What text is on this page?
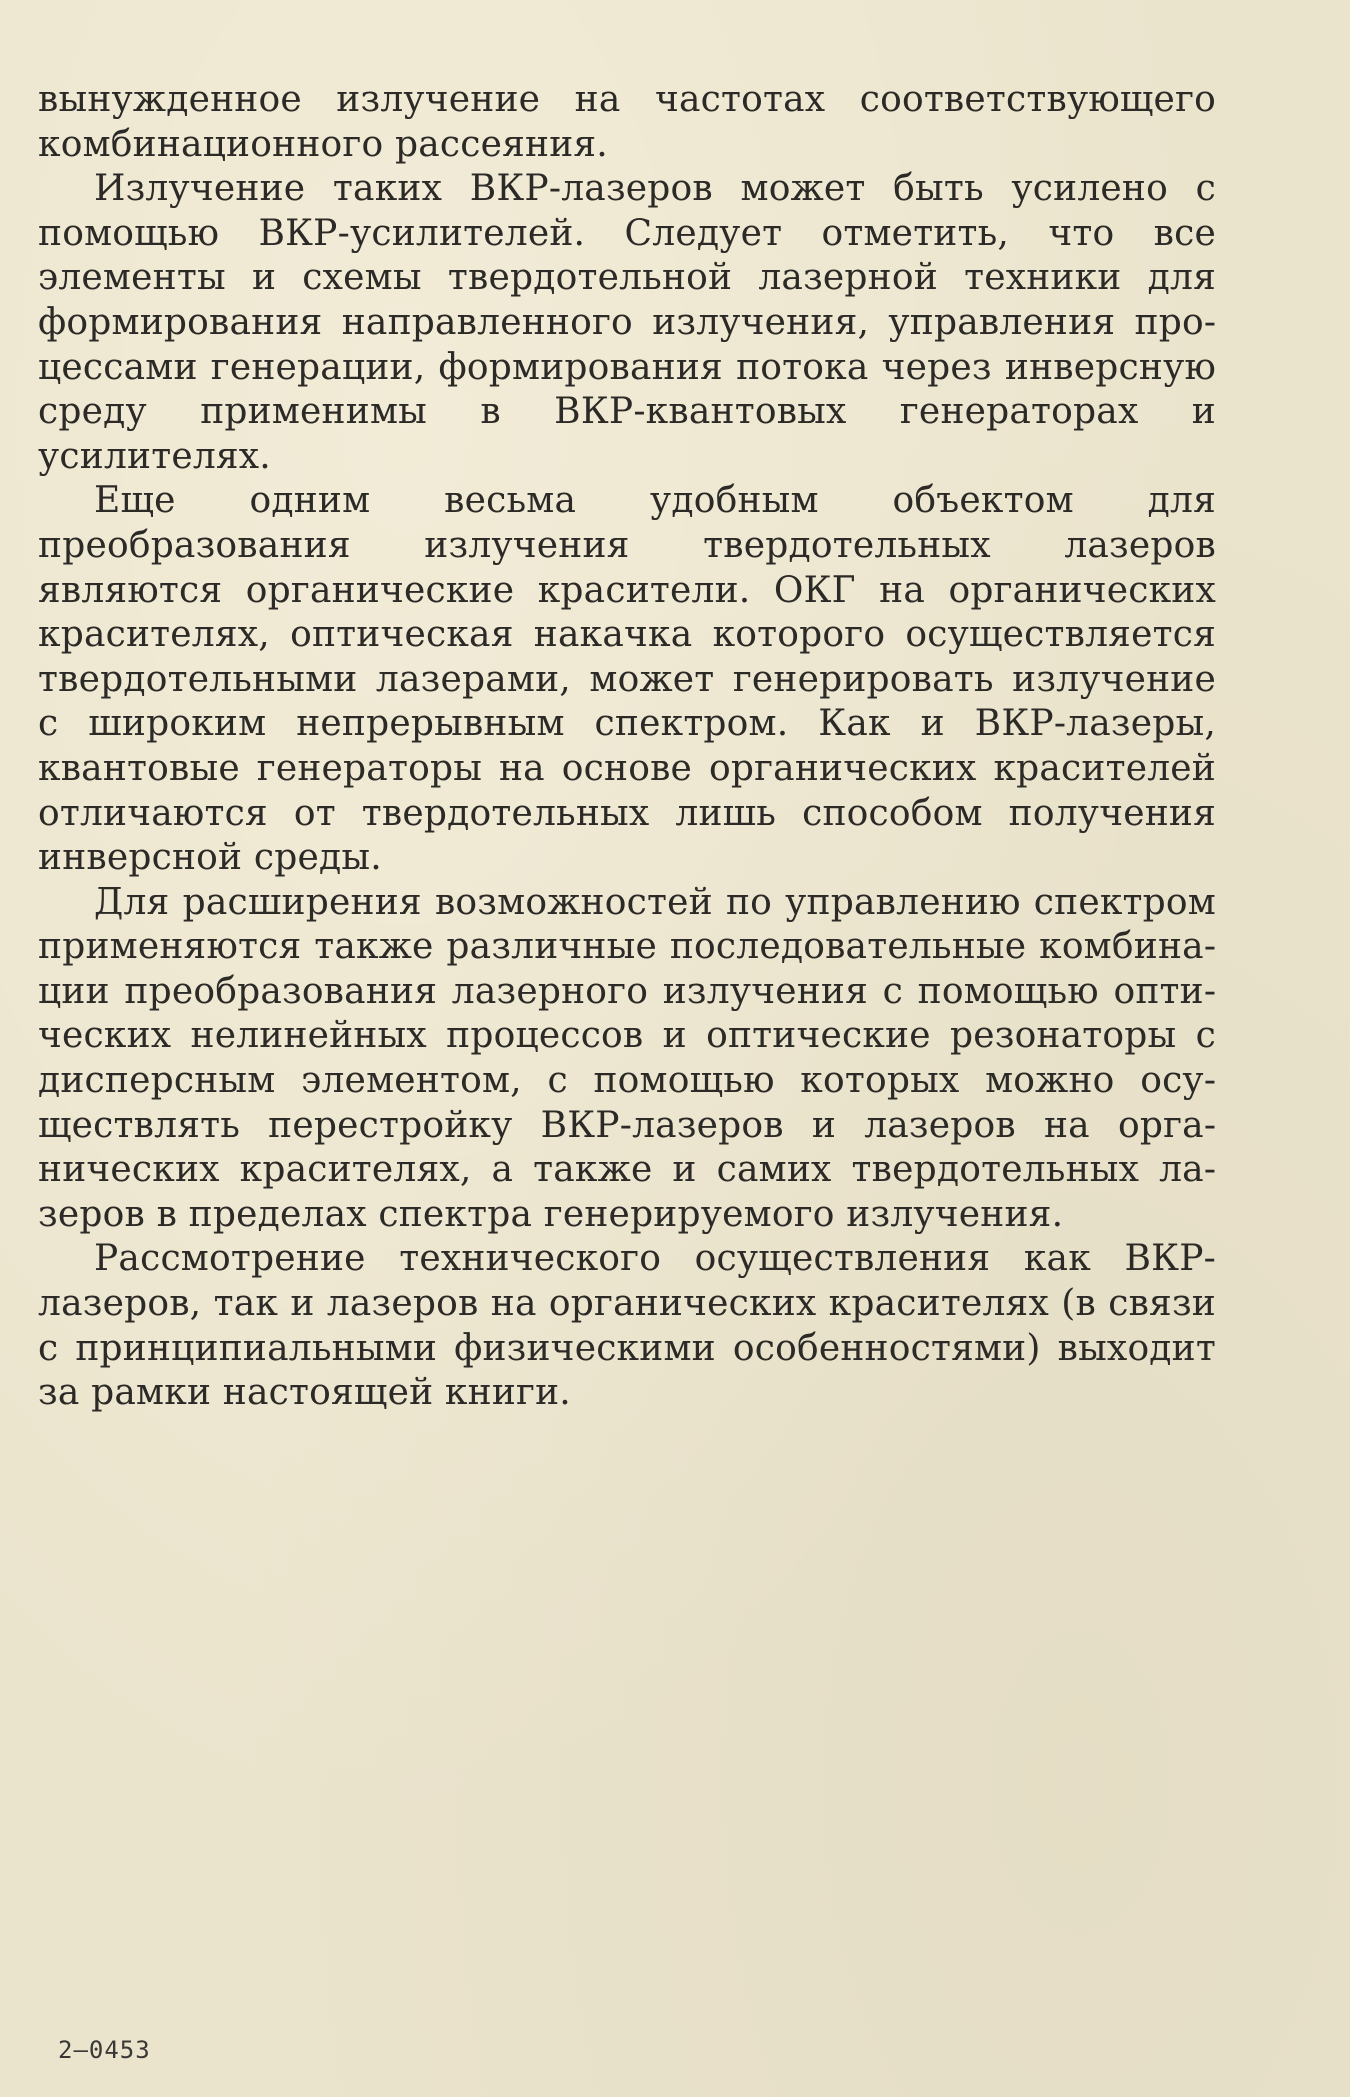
вынужденное излучение на частотах соответствующего комбинационного рассеяния.

Излучение таких ВКР-лазеров может быть усилено с помощью ВКР-усилителей. Следует отметить, что все элементы и схемы твердотельной лазерной техники для формирования направленного излучения, управления процессами генерации, формирования потока через инверсную среду применимы в ВКР-квантовых генераторах и усилителях.

Еще одним весьма удобным объектом для преобразования излучения твердотельных лазеров являются органические красители. ОКГ на органических красителях, оптическая накачка которого осуществляется твердотельными лазерами, может генерировать излучение с широким непрерывным спектром. Как и ВКР-лазеры, квантовые генераторы на основе органических красителей отличаются от твердотельных лишь способом получения инверсной среды.

Для расширения возможностей по управлению спектром применяются также различные последовательные комбинации преобразования лазерного излучения с помощью оптических нелинейных процессов и оптические резонаторы с дисперсным элементом, с помощью которых можно осуществлять перестройку ВКР-лазеров и лазеров на органических красителях, а также и самих твердотельных лазеров в пределах спектра генерируемого излучения.

Рассмотрение технического осуществления как ВКР-лазеров, так и лазеров на органических красителях (в связи с принципиальными физическими особенностями) выходит за рамки настоящей книги.

2—0453
